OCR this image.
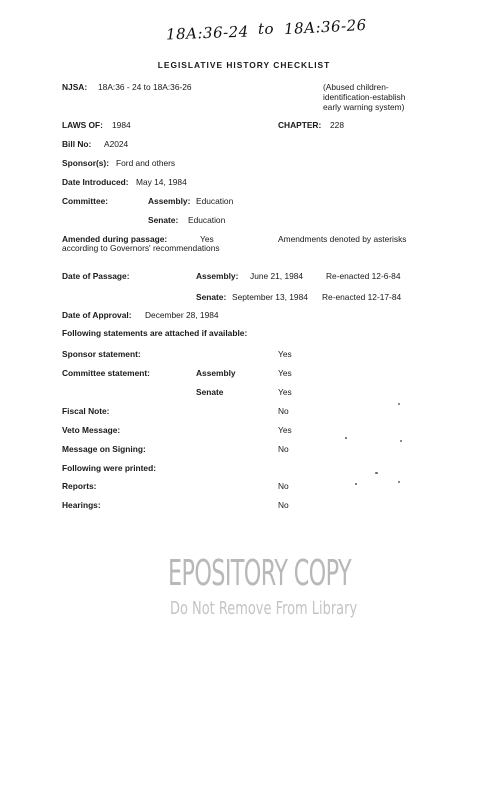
18A:36-24 to 18A:36-26
LEGISLATIVE HISTORY CHECKLIST
NJSA: 18A:36 - 24 to 18A:36-26	(Abused children-
identification-establish
early warning system)
LAWS OF: 1984	CHAPTER: 228
Bill No: A2024
Sponsor(s): Ford and others
Date Introduced: May 14, 1984
Committee:	Assembly: Education
Senate: Education
Amended during passage:	Yes	Amendments denoted by asterisks
according to Governors' recommendations
Date of Passage:	Assembly: June 21, 1984	Re-enacted 12-6-84
Senate: September 13, 1984 Re-enacted 12-17-84
Date of Approval: December 28, 1984
Following statements are attached if available:
Sponsor statement:	Yes
Committee statement:	Assembly	Yes
Senate	Yes
Fiscal Note:	No
Veto Message:	Yes
Message on Signing:	No
Following were printed:
Reports:	No
Hearings:	No
EPOSITORY COPY
Do Not Remove From Library
